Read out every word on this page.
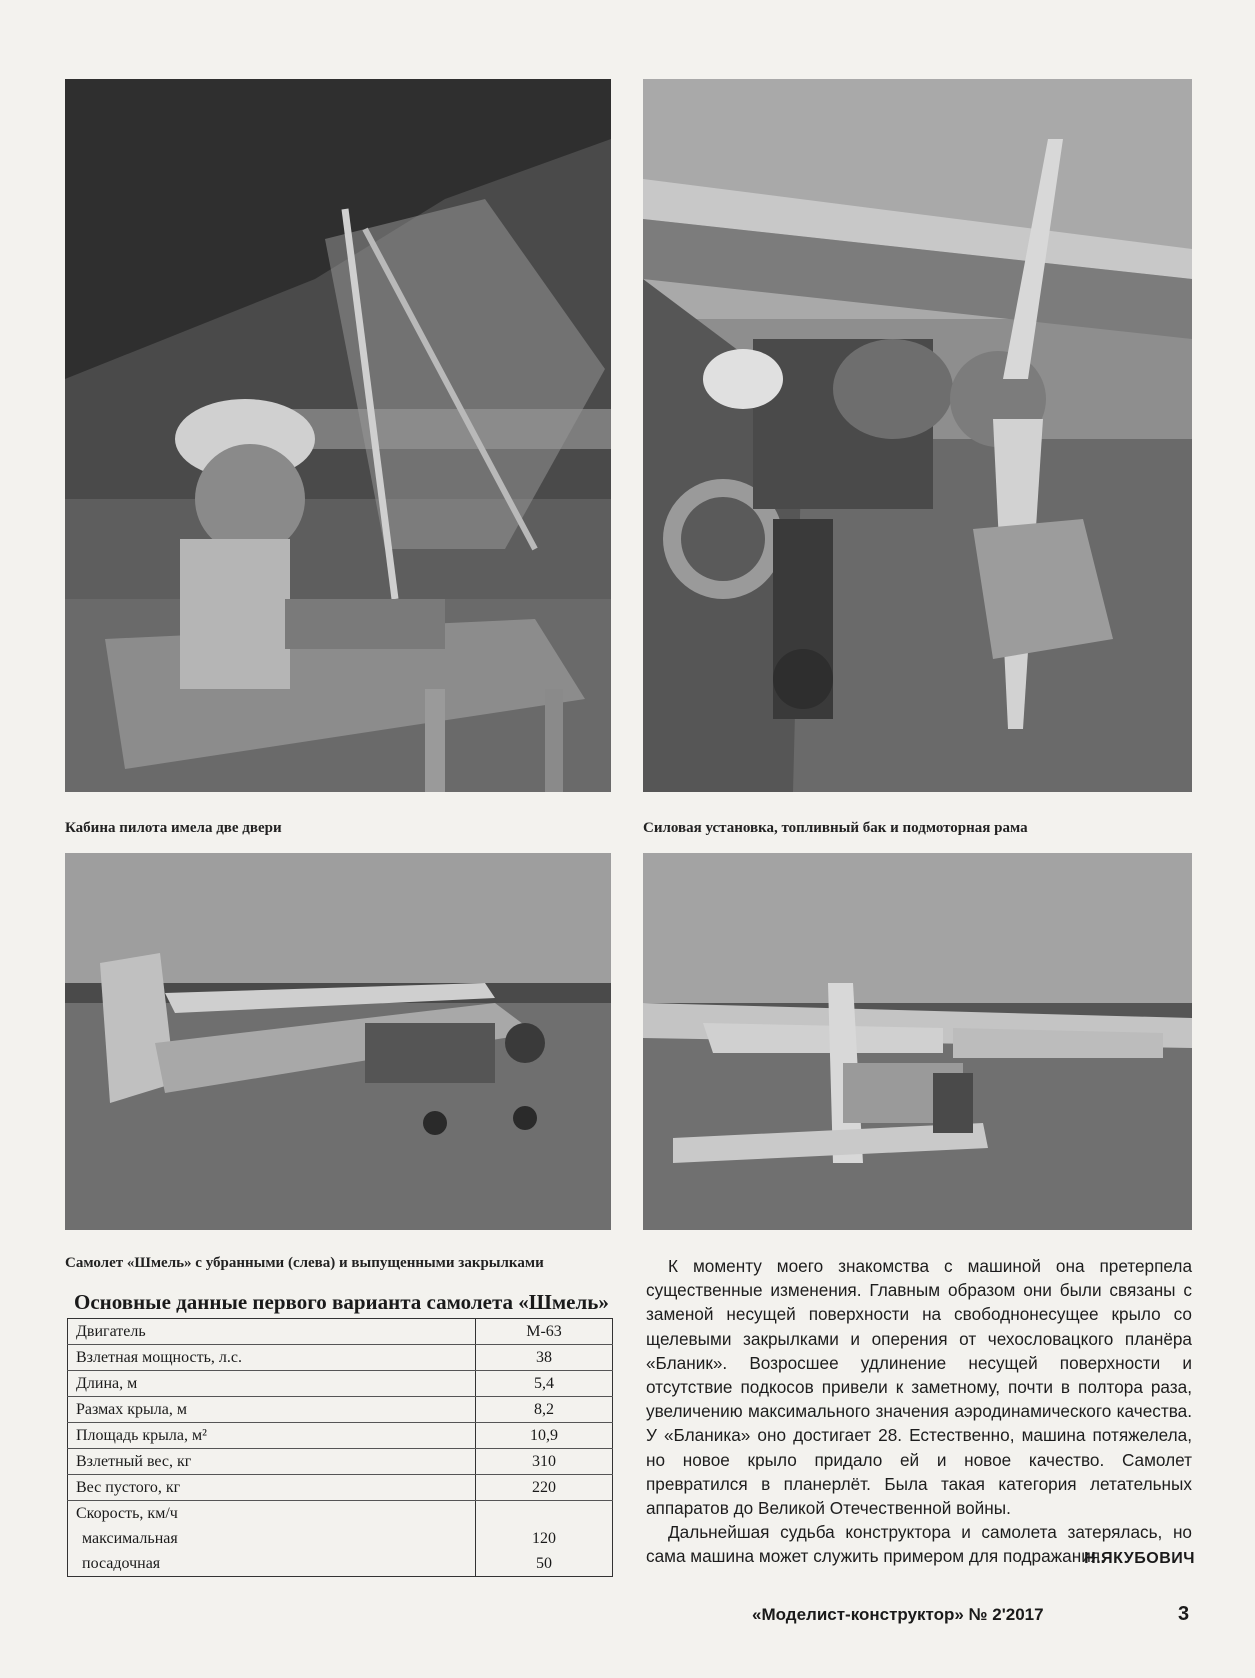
Кабина пилота имела две двери	Силовая установка, топливный бак и подмоторная рама
Самолет «Шмель» с убранными (слева) и выпущенными закрылками
Основные данные первого варианта самолета «Шмель»
Двигатель	М-63
Взлетная мощность, л.с.	38
Длина, м	5,4
Размах крыла, м	8,2
Площадь крыла, м²	10,9
Взлетный вес, кг	310
Вес пустого, кг	220
Скорость, км/ч	
максимальная	120
посадочная	50

К моменту моего знакомства с машиной она претерпела существенные изменения. Главным образом они были связаны с заменой несущей поверхности на свободнонесущее крыло со щелевыми закрылками и оперения от чехословацкого планёра «Бланик». Возросшее удлинение несущей поверхности и отсутствие подкосов привели к заметному, почти в полтора раза, увеличению максимального значения аэродинамического качества. У «Бланика» оно достигает 28. Естественно, машина потяжелела, но новое крыло придало ей и новое качество. Самолет превратился в планерлёт. Была такая категория летательных аппаратов до Великой Отечественной войны.

Дальнейшая судьба конструктора и самолета затерялась, но сама машина может служить примером для подражания.

Н.ЯКУБОВИЧ
«Моделист-конструктор» № 2'2017	3
